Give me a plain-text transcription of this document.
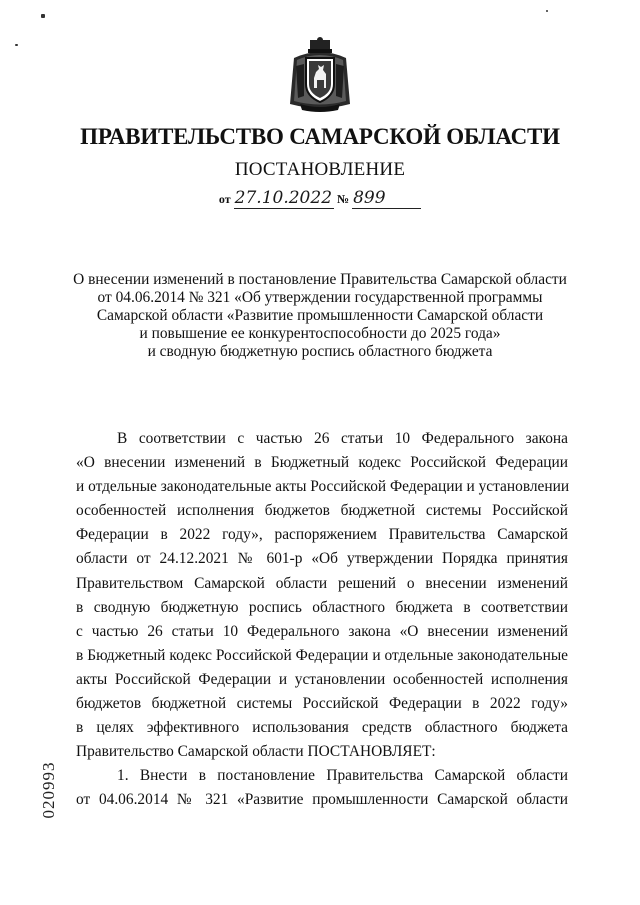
ПРАВИТЕЛЬСТВО САМАРСКОЙ ОБЛАСТИ
ПОСТАНОВЛЕНИЕ
от 27.10.2022 № 899
О внесении изменений в постановление Правительства Самарской области
от 04.06.2014 № 321 «Об утверждении государственной программы
Самарской области «Развитие промышленности Самарской области
и повышение ее конкурентоспособности до 2025 года»
и сводную бюджетную роспись областного бюджета
В соответствии с частью 26 статьи 10 Федерального закона
«О внесении изменений в Бюджетный кодекс Российской Федерации
и отдельные законодательные акты Российской Федерации и установлении
особенностей исполнения бюджетов бюджетной системы Российской
Федерации в 2022 году», распоряжением Правительства Самарской
области от 24.12.2021 № 601-р «Об утверждении Порядка принятия
Правительством Самарской области решений о внесении изменений
в сводную бюджетную роспись областного бюджета в соответствии
с частью 26 статьи 10 Федерального закона «О внесении изменений
в Бюджетный кодекс Российской Федерации и отдельные законодательные
акты Российской Федерации и установлении особенностей исполнения
бюджетов бюджетной системы Российской Федерации в 2022 году»
в целях эффективного использования средств областного бюджета
Правительство Самарской области ПОСТАНОВЛЯЕТ:
1. Внести в постановление Правительства Самарской области
от 04.06.2014 № 321 «Развитие промышленности Самарской области
020993
